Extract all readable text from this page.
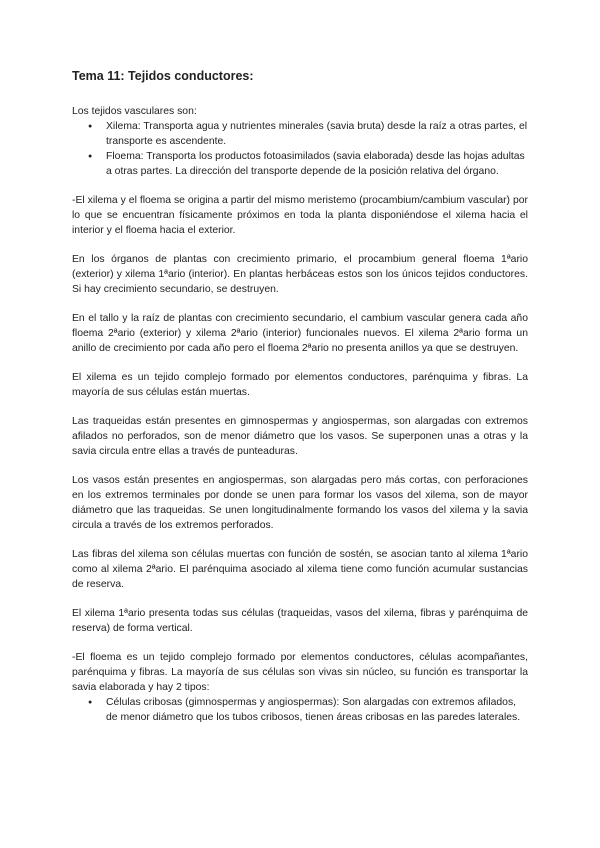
Tema 11: Tejidos conductores:

Los tejidos vasculares son:

● Xilema: Transporta agua y nutrientes minerales (savia bruta) desde la raíz a otras partes, el transporte es ascendente.
● Floema: Transporta los productos fotoasimilados (savia elaborada) desde las hojas adultas a otras partes. La dirección del transporte depende de la posición relativa del órgano.

-El xilema y el floema se origina a partir del mismo meristemo (procambium/cambium vascular) por lo que se encuentran físicamente próximos en toda la planta disponiéndose el xilema hacia el interior y el floema hacia el exterior.

En los órganos de plantas con crecimiento primario, el procambium general floema 1ªario (exterior) y xilema 1ªario (interior). En plantas herbáceas estos son los únicos tejidos conductores. Si hay crecimiento secundario, se destruyen.

En el tallo y la raíz de plantas con crecimiento secundario, el cambium vascular genera cada año floema 2ªario (exterior) y xilema 2ªario (interior) funcionales nuevos. El xilema 2ªario forma un anillo de crecimiento por cada año pero el floema 2ªario no presenta anillos ya que se destruyen.

El xilema es un tejido complejo formado por elementos conductores, parénquima y fibras. La mayoría de sus células están muertas.

Las traqueidas están presentes en gimnospermas y angiospermas, son alargadas con extremos afilados no perforados, son de menor diámetro que los vasos. Se superponen unas a otras y la savia circula entre ellas a través de punteaduras.

Los vasos están presentes en angiospermas, son alargadas pero más cortas, con perforaciones en los extremos terminales por donde se unen para formar los vasos del xilema, son de mayor diámetro que las traqueidas. Se unen longitudinalmente formando los vasos del xilema y la savia circula a través de los extremos perforados.

Las fibras del xilema son células muertas con función de sostén, se asocian tanto al xilema 1ªario como al xilema 2ªario. El parénquima asociado al xilema tiene como función acumular sustancias de reserva.

El xilema 1ªario presenta todas sus células (traqueidas, vasos del xilema, fibras y parénquima de reserva) de forma vertical.

-El floema es un tejido complejo formado por elementos conductores, células acompañantes, parénquima y fibras. La mayoría de sus células son vivas sin núcleo, su función es transportar la savia elaborada y hay 2 tipos:

● Células cribosas (gimnospermas y angiospermas): Son alargadas con extremos afilados, de menor diámetro que los tubos cribosos, tienen áreas cribosas en las paredes laterales.
